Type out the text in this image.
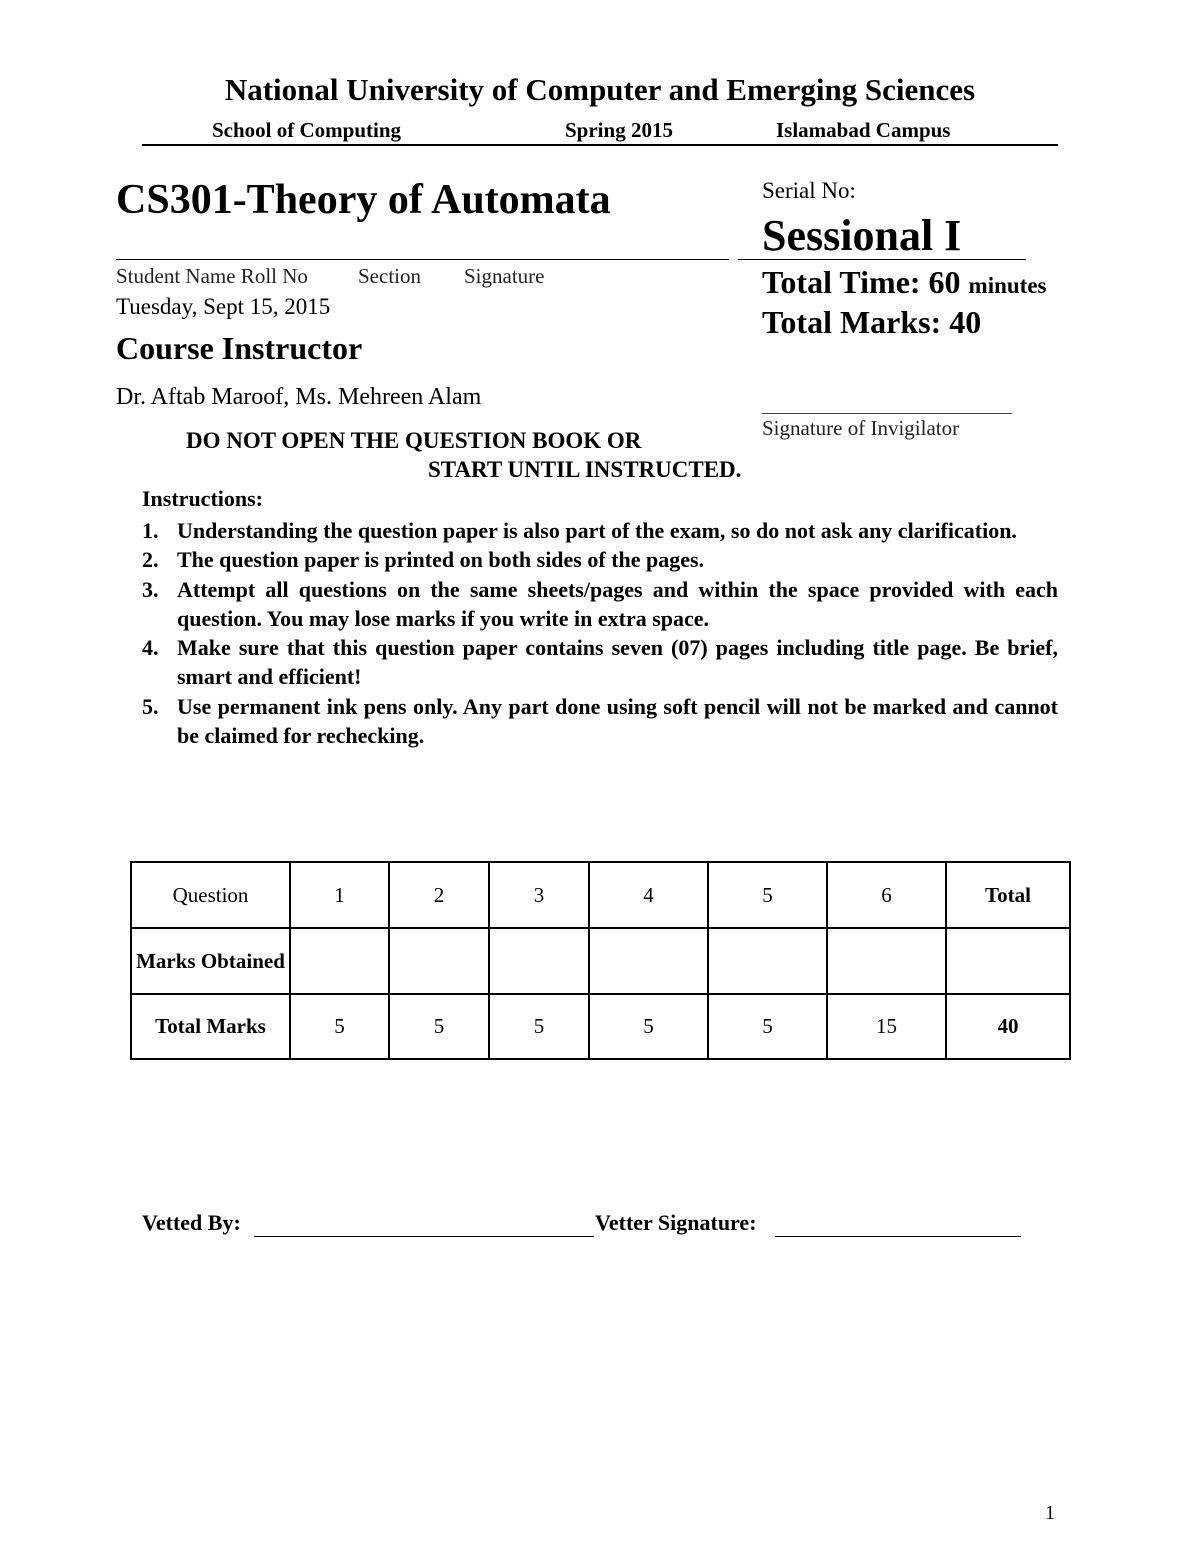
National University of Computer and Emerging Sciences
School of Computing	Spring 2015	Islamabad Campus
CS301-Theory of Automata
Student Name Roll No Section Signature
Tuesday, Sept 15, 2015
Course Instructor
Dr. Aftab Maroof, Ms. Mehreen Alam
Serial No:
Sessional I
Total Time: 60 minutes
Total Marks: 40
Signature of Invigilator
DO NOT OPEN THE QUESTION BOOK OR
START UNTIL INSTRUCTED.
Instructions:
1. Understanding the question paper is also part of the exam, so do not ask any clarification.
2. The question paper is printed on both sides of the pages.
3. Attempt all questions on the same sheets/pages and within the space provided with each question. You may lose marks if you write in extra space.
4. Make sure that this question paper contains seven (07) pages including title page. Be brief, smart and efficient!
5. Use permanent ink pens only. Any part done using soft pencil will not be marked and cannot be claimed for rechecking.
Question	1	2	3	4	5	6	Total
Marks Obtained							
Total Marks	5	5	5	5	5	15	40
Vetted By:	Vetter Signature:
1
